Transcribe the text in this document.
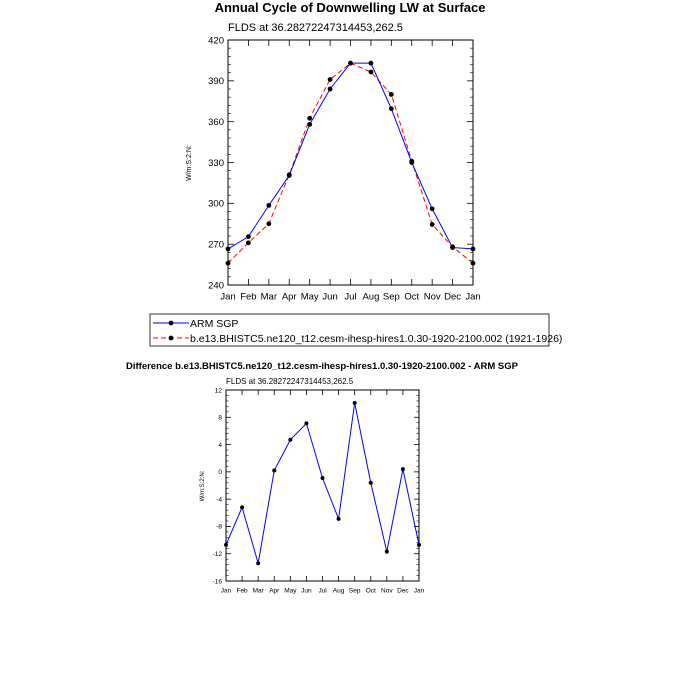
Annual Cycle of Downwelling LW at Surface
FLDS at 36.28272247314453,262.5
W/m:S:2:N:
240
270
300
330
360
390
420
Jan Feb Mar Apr May Jun Jul Aug Sep Oct Nov Dec Jan
ARM SGP
b.e13.BHISTC5.ne120_t12.cesm-ihesp-hires1.0.30-1920-2100.002 (1921-1926)
Difference b.e13.BHISTC5.ne120_t12.cesm-ihesp-hires1.0.30-1920-2100.002 - ARM SGP
FLDS at 36.28272247314453,262.5
W/m:S:2:N:
-16
-12
-8
-4
0
4
8
12
Jan Feb Mar Apr May Jun Jul Aug Sep Oct Nov Dec Jan
